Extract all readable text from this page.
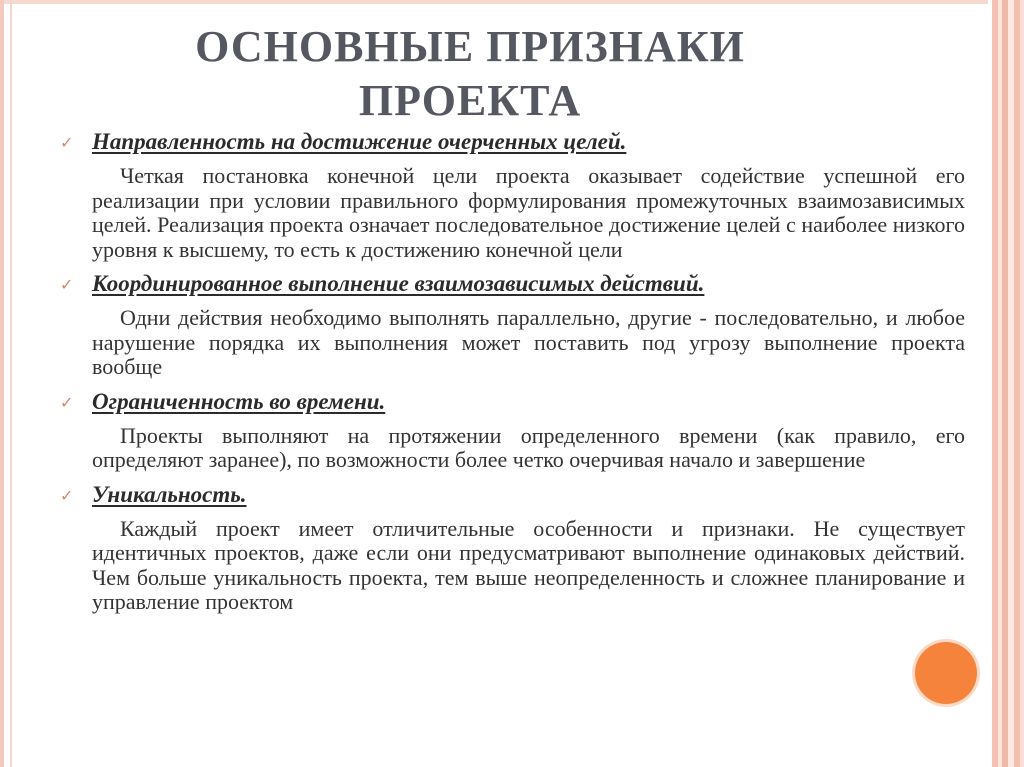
ОСНОВНЫЕ ПРИЗНАКИ
ПРОЕКТА
✓ Направленность на достижение очерченных целей.
Четкая постановка конечной цели проекта оказывает содействие успешной его реализации при условии правильного формулирования промежуточных взаимозависимых целей. Реализация проекта означает последовательное достижение целей с наиболее низкого уровня к высшему, то есть к достижению конечной цели
✓ Координированное выполнение взаимозависимых действий.
Одни действия необходимо выполнять параллельно, другие - последовательно, и любое нарушение порядка их выполнения может поставить под угрозу выполнение проекта вообще
✓ Ограниченность во времени.
Проекты выполняют на протяжении определенного времени (как правило, его определяют заранее), по возможности более четко очерчивая начало и завершение
✓ Уникальность.
Каждый проект имеет отличительные особенности и признаки. Не существует идентичных проектов, даже если они предусматривают выполнение одинаковых действий. Чем больше уникальность проекта, тем выше неопределенность и сложнее планирование и управление проектом
